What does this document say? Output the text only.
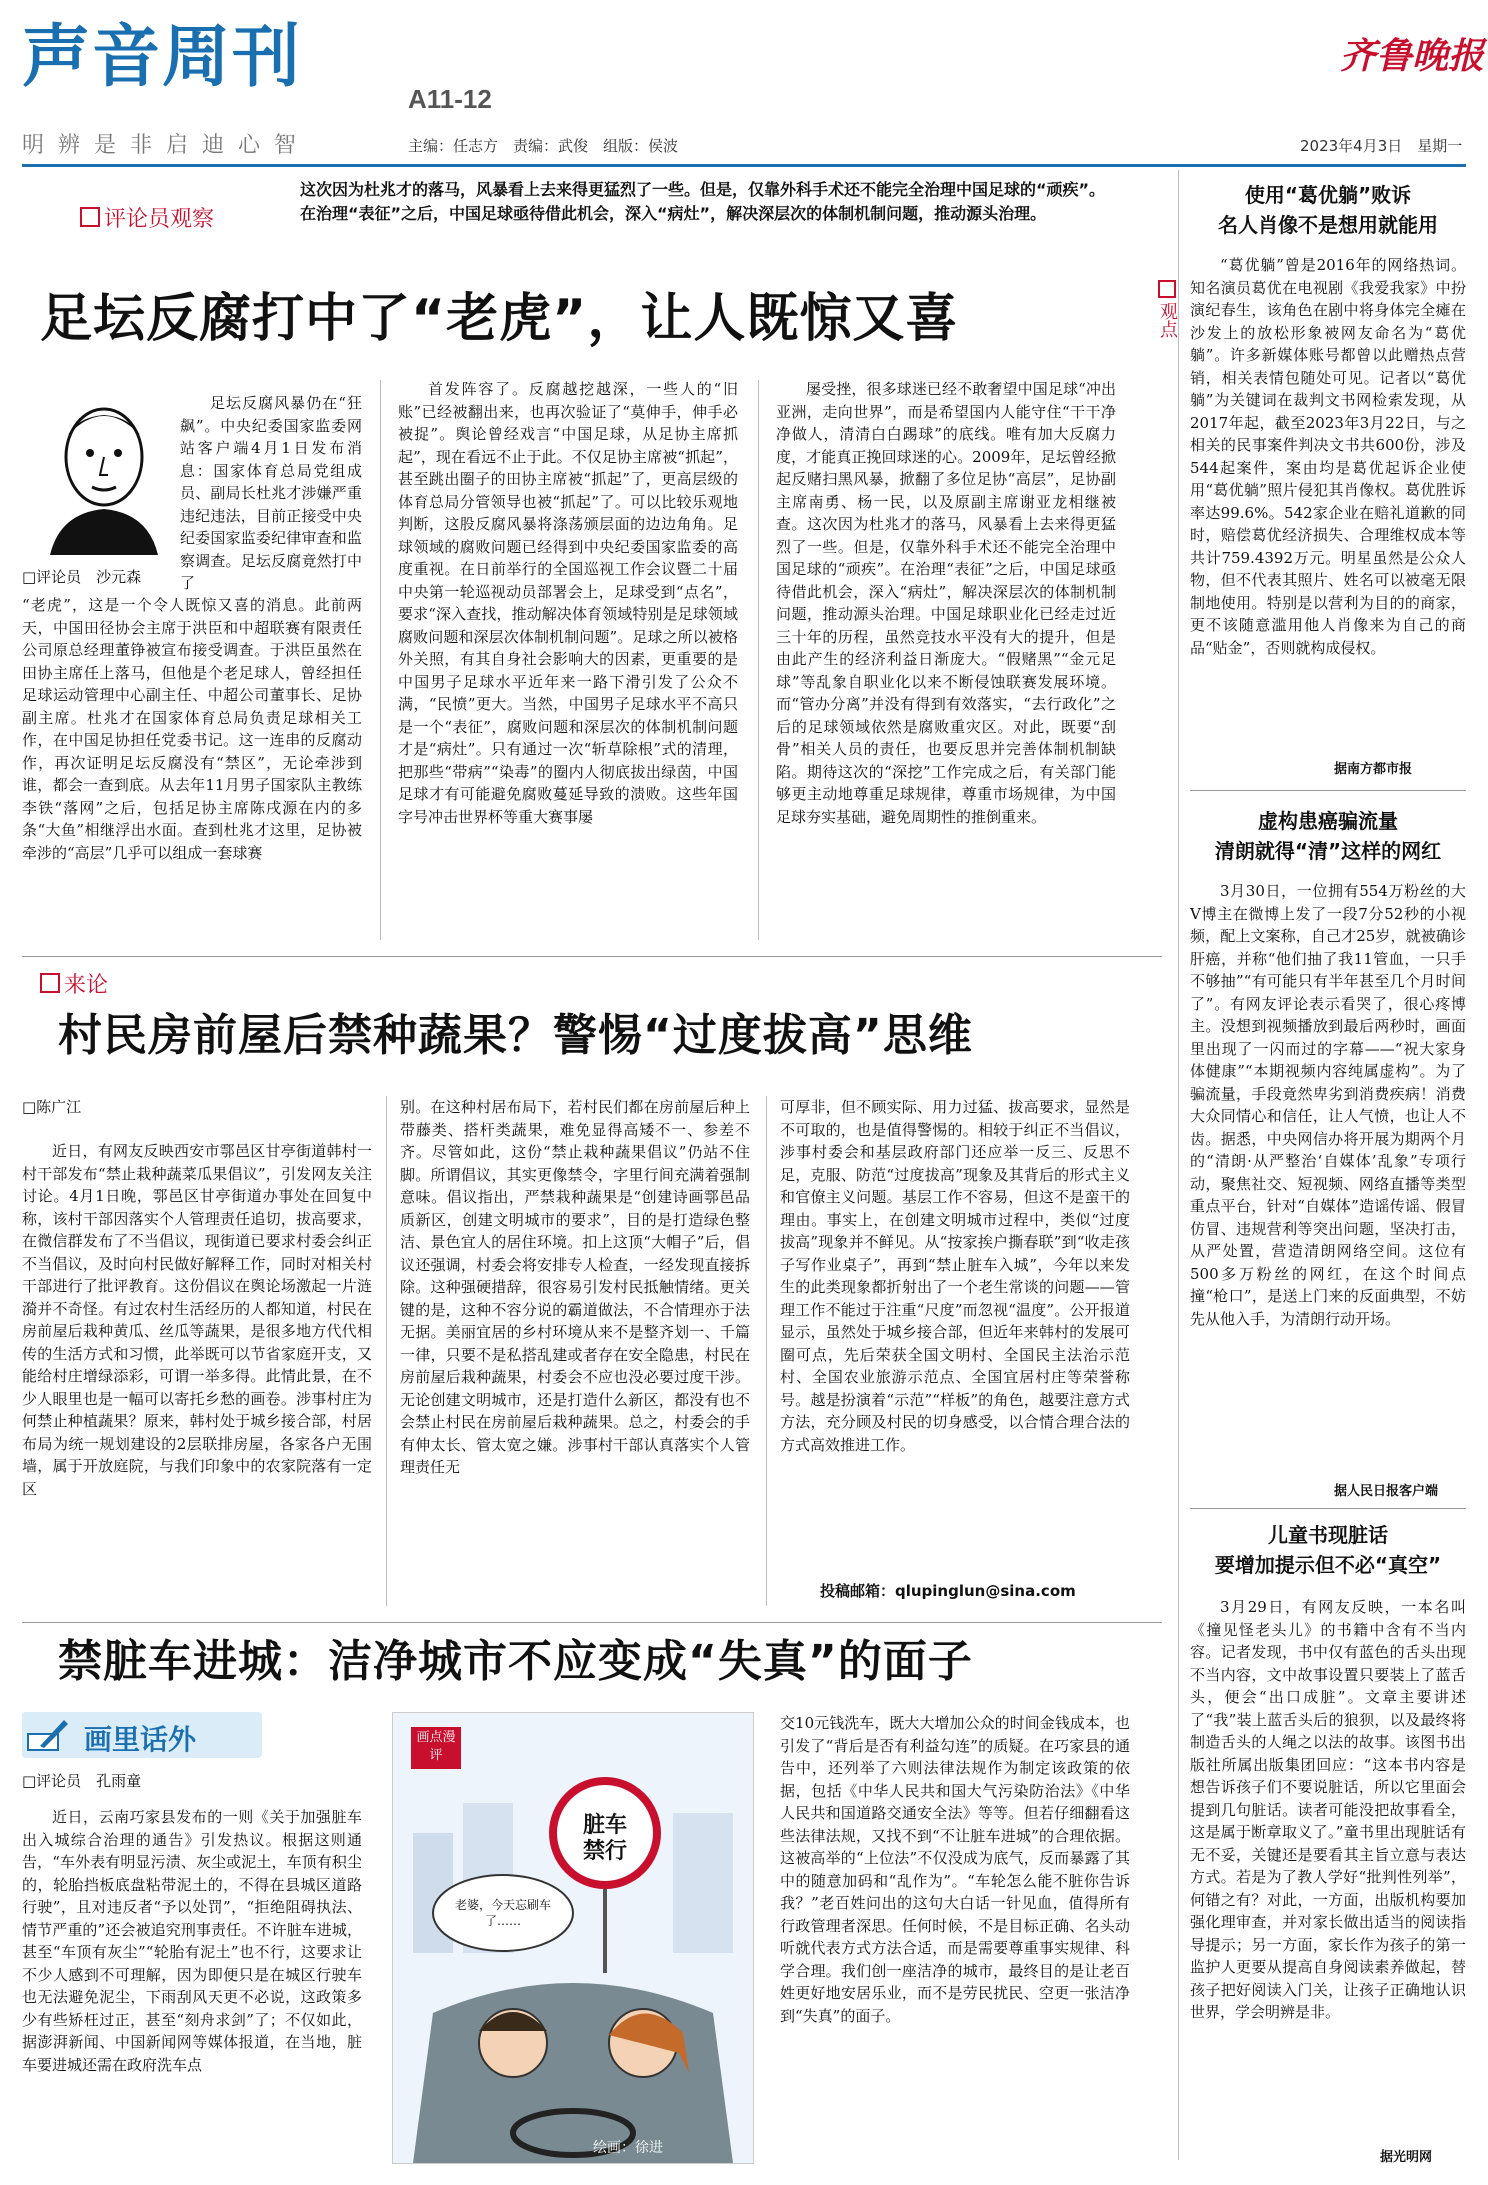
声音周刊
A11-12
明辨是非启迪心智	主编：任志方　责编：武俊　组版：侯波
齐鲁晚报
2023年4月3日　星期一
评论员观察
这次因为杜兆才的落马，风暴看上去来得更猛烈了一些。但是，仅靠外科手术还不能完全治理中国足球的“顽疾”。在治理“表征”之后，中国足球亟待借此机会，深入“病灶”，解决深层次的体制机制问题，推动源头治理。
足坛反腐打中了“老虎”，让人既惊又喜
□评论员　沙元森

足坛反腐风暴仍在“狂飙”。中央纪委国家监委网站客户端4月1日发布消息：国家体育总局党组成员、副局长杜兆才涉嫌严重违纪违法，目前正接受中央纪委国家监委纪律审查和监察调查。足坛反腐竟然打中了

“老虎”，这是一个令人既惊又喜的消息。此前两天，中国田径协会主席于洪臣和中超联赛有限责任公司原总经理董铮被宣布接受调查。于洪臣虽然在田协主席任上落马，但他是个老足球人，曾经担任足球运动管理中心副主任、中超公司董事长、足协副主席。杜兆才在国家体育总局负责足球相关工作，在中国足协担任党委书记。这一连串的反腐动作，再次证明足坛反腐没有“禁区”，无论牵涉到谁，都会一查到底。从去年11月男子国家队主教练李铁“落网”之后，包括足协主席陈戌源在内的多条“大鱼”相继浮出水面。查到杜兆才这里，足协被牵涉的“高层”几乎可以组成一套球赛

首发阵容了。反腐越挖越深，一些人的“旧账”已经被翻出来，也再次验证了“莫伸手，伸手必被捉”。舆论曾经戏言“中国足球，从足协主席抓起”，现在看远不止于此。不仅足协主席被“抓起”，甚至跳出圈子的田协主席被“抓起”了，更高层级的体育总局分管领导也被“抓起”了。可以比较乐观地判断，这股反腐风暴将涤荡颁层面的边边角角。足球领域的腐败问题已经得到中央纪委国家监委的高度重视。在日前举行的全国巡视工作会议暨二十届中央第一轮巡视动员部署会上，足球受到“点名”，要求“深入查找，推动解决体育领域特别是足球领域腐败问题和深层次体制机制问题”。足球之所以被格外关照，有其自身社会影响大的因素，更重要的是中国男子足球水平近年来一路下滑引发了公众不满，“民愤”更大。当然，中国男子足球水平不高只是一个“表征”，腐败问题和深层次的体制机制问题才是“病灶”。只有通过一次“斩草除根”式的清理，把那些“带病”“染毒”的圈内人彻底拔出绿茵，中国足球才有可能避免腐败蔓延导致的溃败。这些年国字号冲击世界杯等重大赛事屡

屡受挫，很多球迷已经不敢奢望中国足球“冲出亚洲，走向世界”，而是希望国内人能守住“干干净净做人，清清白白踢球”的底线。唯有加大反腐力度，才能真正挽回球迷的心。2009年，足坛曾经掀起反赌扫黑风暴，掀翻了多位足协“高层”，足协副主席南勇、杨一民，以及原副主席谢亚龙相继被查。这次因为杜兆才的落马，风暴看上去来得更猛烈了一些。但是，仅靠外科手术还不能完全治理中国足球的“顽疾”。在治理“表征”之后，中国足球亟待借此机会，深入“病灶”，解决深层次的体制机制问题，推动源头治理。中国足球职业化已经走过近三十年的历程，虽然竞技水平没有大的提升，但是由此产生的经济利益日渐庞大。“假赌黑”“金元足球”等乱象自职业化以来不断侵蚀联赛发展环境。而“管办分离”并没有得到有效落实，“去行政化”之后的足球领域依然是腐败重灾区。对此，既要“刮骨”相关人员的责任，也要反思并完善体制机制缺陷。期待这次的“深挖”工作完成之后，有关部门能够更主动地尊重足球规律，尊重市场规律，为中国足球夯实基础，避免周期性的推倒重来。

来论
村民房前屋后禁种蔬果？警惕“过度拔高”思维
□陈广江

近日，有网友反映西安市鄠邑区甘亭街道韩村一村干部发布“禁止栽种蔬菜瓜果倡议”，引发网友关注讨论。4月1日晚，鄠邑区甘亭街道办事处在回复中称，该村干部因落实个人管理责任追切，拔高要求，在微信群发布了不当倡议，现街道已要求村委会纠正不当倡议，及时向村民做好解释工作，同时对相关村干部进行了批评教育。这份倡议在舆论场激起一片涟漪并不奇怪。有过农村生活经历的人都知道，村民在房前屋后栽种黄瓜、丝瓜等蔬果，是很多地方代代相传的生活方式和习惯，此举既可以节省家庭开支，又能给村庄增绿添彩，可谓一举多得。此情此景，在不少人眼里也是一幅可以寄托乡愁的画卷。涉事村庄为何禁止种植蔬果？原来，韩村处于城乡接合部，村居布局为统一规划建设的2层联排房屋，各家各户无围墙，属于开放庭院，与我们印象中的农家院落有一定区

别。在这种村居布局下，若村民们都在房前屋后种上带藤类、搭杆类蔬果，难免显得高矮不一、参差不齐。尽管如此，这份“禁止栽种蔬果倡议”仍站不住脚。所谓倡议，其实更像禁令，字里行间充满着强制意味。倡议指出，严禁栽种蔬果是“创建诗画鄠邑品质新区，创建文明城市的要求”，目的是打造绿色整洁、景色宜人的居住环境。扣上这顶“大帽子”后，倡议还强调，村委会将安排专人检查，一经发现直接拆除。这种强硬措辞，很容易引发村民抵触情绪。更关键的是，这种不容分说的霸道做法，不合情理亦于法无据。美丽宜居的乡村环境从来不是整齐划一、千篇一律，只要不是私搭乱建或者存在安全隐患，村民在房前屋后栽种蔬果，村委会不应也没必要过度干涉。无论创建文明城市，还是打造什么新区，都没有也不会禁止村民在房前屋后栽种蔬果。总之，村委会的手有伸太长、管太宽之嫌。涉事村干部认真落实个人管理责任无

可厚非，但不顾实际、用力过猛、拔高要求，显然是不可取的，也是值得警惕的。相较于纠正不当倡议，涉事村委会和基层政府部门还应举一反三、反思不足，克服、防范“过度拔高”现象及其背后的形式主义和官僚主义问题。基层工作不容易，但这不是蛮干的理由。事实上，在创建文明城市过程中，类似“过度拔高”现象并不鲜见。从“按家挨户撕春联”到“收走孩子写作业桌子”，再到“禁止脏车入城”，今年以来发生的此类现象都折射出了一个老生常谈的问题——管理工作不能过于注重“尺度”而忽视“温度”。公开报道显示，虽然处于城乡接合部，但近年来韩村的发展可圈可点，先后荣获全国文明村、全国民主法治示范村、全国农业旅游示范点、全国宜居村庄等荣誉称号。越是扮演着“示范”“样板”的角色，越要注意方式方法，充分顾及村民的切身感受，以合情合理合法的方式高效推进工作。

投稿邮箱：qlupinglun@sina.com
禁脏车进城：洁净城市不应变成“失真”的面子
画里话外
□评论员　孔雨童

近日，云南巧家县发布的一则《关于加强脏车出入城综合治理的通告》引发热议。根据这则通告，“车外表有明显污渍、灰尘或泥土，车顶有积尘的，轮胎挡板底盘粘带泥土的，不得在县城区道路行驶”，且对违反者“予以处罚”，“拒绝阻碍执法、情节严重的”还会被追究刑事责任。不许脏车进城，甚至“车顶有灰尘”“轮胎有泥土”也不行，这要求让不少人感到不可理解，因为即便只是在城区行驶车也无法避免泥尘，下雨刮风天更不必说，这政策多少有些矫枉过正，甚至“刻舟求剑”了；不仅如此，据澎湃新闻、中国新闻网等媒体报道，在当地，脏车要进城还需在政府洗车点

画点漫评
脏车禁行
老婆，今天忘刷车了……
绘画：徐进

交10元钱洗车，既大大增加公众的时间金钱成本，也引发了“背后是否有利益勾连”的质疑。在巧家县的通告中，还列举了六则法律法规作为制定该政策的依据，包括《中华人民共和国大气污染防治法》《中华人民共和国道路交通安全法》等等。但若仔细翻看这些法律法规，又找不到“不让脏车进城”的合理依据。这被高举的“上位法”不仅没成为底气，反而暴露了其中的随意加码和“乱作为”。“车轮怎么能不脏你告诉我？”老百姓问出的这句大白话一针见血，值得所有行政管理者深思。任何时候，不是目标正确、名头动听就代表方式方法合适，而是需要尊重事实规律、科学合理。我们创一座洁净的城市，最终目的是让老百姓更好地安居乐业，而不是劳民扰民、空更一张洁净到“失真”的面子。

观点
使用“葛优躺”败诉
名人肖像不是想用就能用

“葛优躺”曾是2016年的网络热词。知名演员葛优在电视剧《我爱我家》中扮演纪春生，该角色在剧中将身体完全瘫在沙发上的放松形象被网友命名为“葛优躺”。许多新媒体账号都曾以此赠热点营销，相关表情包随处可见。记者以“葛优躺”为关键词在裁判文书网检索发现，从2017年起，截至2023年3月22日，与之相关的民事案件判决文书共600份，涉及544起案件，案由均是葛优起诉企业使用“葛优躺”照片侵犯其肖像权。葛优胜诉率达99.6%。542家企业在赔礼道歉的同时，赔偿葛优经济损失、合理维权成本等共计759.4392万元。明星虽然是公众人物，但不代表其照片、姓名可以被毫无限制地使用。特别是以营利为目的的商家，更不该随意滥用他人肖像来为自己的商品“贴金”，否则就构成侵权。

据南方都市报
虚构患癌骗流量
清朗就得“清”这样的网红

3月30日，一位拥有554万粉丝的大V博主在微博上发了一段7分52秒的小视频，配上文案称，自己才25岁，就被确诊肝癌，并称“他们抽了我11管血，一只手不够抽”“有可能只有半年甚至几个月时间了”。有网友评论表示看哭了，很心疼博主。没想到视频播放到最后两秒时，画面里出现了一闪而过的字幕——“祝大家身体健康”“本期视频内容纯属虚构”。为了骗流量，手段竟然卑劣到消费疾病！消费大众同情心和信任，让人气愤，也让人不齿。据悉，中央网信办将开展为期两个月的“清朗·从严整治‘自媒体’乱象”专项行动，聚焦社交、短视频、网络直播等类型重点平台，针对“自媒体”造谣传谣、假冒仿冒、违规营利等突出问题，坚决打击，从严处置，营造清朗网络空间。这位有500多万粉丝的网红，在这个时间点撞“枪口”，是送上门来的反面典型，不妨先从他入手，为清朗行动开场。

据人民日报客户端
儿童书现脏话
要增加提示但不必“真空”

3月29日，有网友反映，一本名叫《撞见怪老头儿》的书籍中含有不当内容。记者发现，书中仅有蓝色的舌头出现不当内容，文中故事设置只要装上了蓝舌头，便会“出口成脏”。文章主要讲述了“我”装上蓝舌头后的狼狈，以及最终将制造舌头的人绳之以法的故事。该图书出版社所属出版集团回应：“这本书内容是想告诉孩子们不要说脏话，所以它里面会提到几句脏话。读者可能没把故事看全，这是属于断章取义了。”童书里出现脏话有无不妥，关键还是要看其主旨立意与表达方式。若是为了教人学好“批判性列举”，何错之有？对此，一方面，出版机构要加强化理审查，并对家长做出适当的阅读指导提示；另一方面，家长作为孩子的第一监护人更要从提高自身阅读素养做起，替孩子把好阅读入门关，让孩子正确地认识世界，学会明辨是非。

据光明网
